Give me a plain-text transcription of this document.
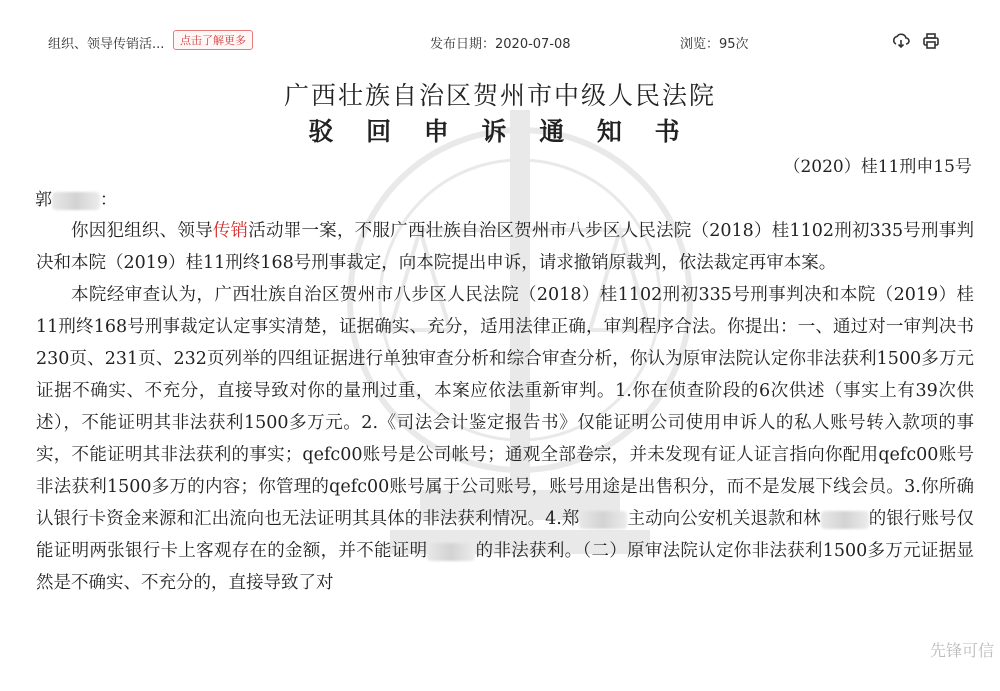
组织、领导传销活...	点击了解更多	发布日期：2020-07-08	浏览：95次
广西壮族自治区贺州市中级人民法院
驳 回 申 诉 通 知 书
（2020）桂11刑申15号
郭	：

你因犯组织、领导传销活动罪一案，不服广西壮族自治区贺州市八步区人民法院（2018）桂1102刑初335号刑事判决和本院（2019）桂11刑终168号刑事裁定，向本院提出申诉，请求撤销原裁判，依法裁定再审本案。

本院经审查认为，广西壮族自治区贺州市八步区人民法院（2018）桂1102刑初335号刑事判决和本院（2019）桂11刑终168号刑事裁定认定事实清楚，证据确实、充分，适用法律正确，审判程序合法。你提出：一、通过对一审判决书230页、231页、232页列举的四组证据进行单独审查分析和综合审查分析，你认为原审法院认定你非法获利1500多万元证据不确实、不充分，直接导致对你的量刑过重，本案应依法重新审判。1.你在侦查阶段的6次供述（事实上有39次供述），不能证明其非法获利1500多万元。2.《司法会计鉴定报告书》仅能证明公司使用申诉人的私人账号转入款项的事实，不能证明其非法获利的事实；qefc00账号是公司帐号；通观全部卷宗，并未发现有证人证言指向你配用qefc00账号非法获利1500多万的内容；你管理的qefc00账号属于公司账号，账号用途是出售积分，而不是发展下线会员。3.你所确认银行卡资金来源和汇出流向也无法证明其具体的非法获利情况。4.郑	主动向公安机关退款和林	的银行账号仅能证明两张银行卡上客观存在的金额，并不能证明	的非法获利。（二）原审法院认定你非法获利1500多万元证据显然是不确实、不充分的，直接导致了对

先锋可信
